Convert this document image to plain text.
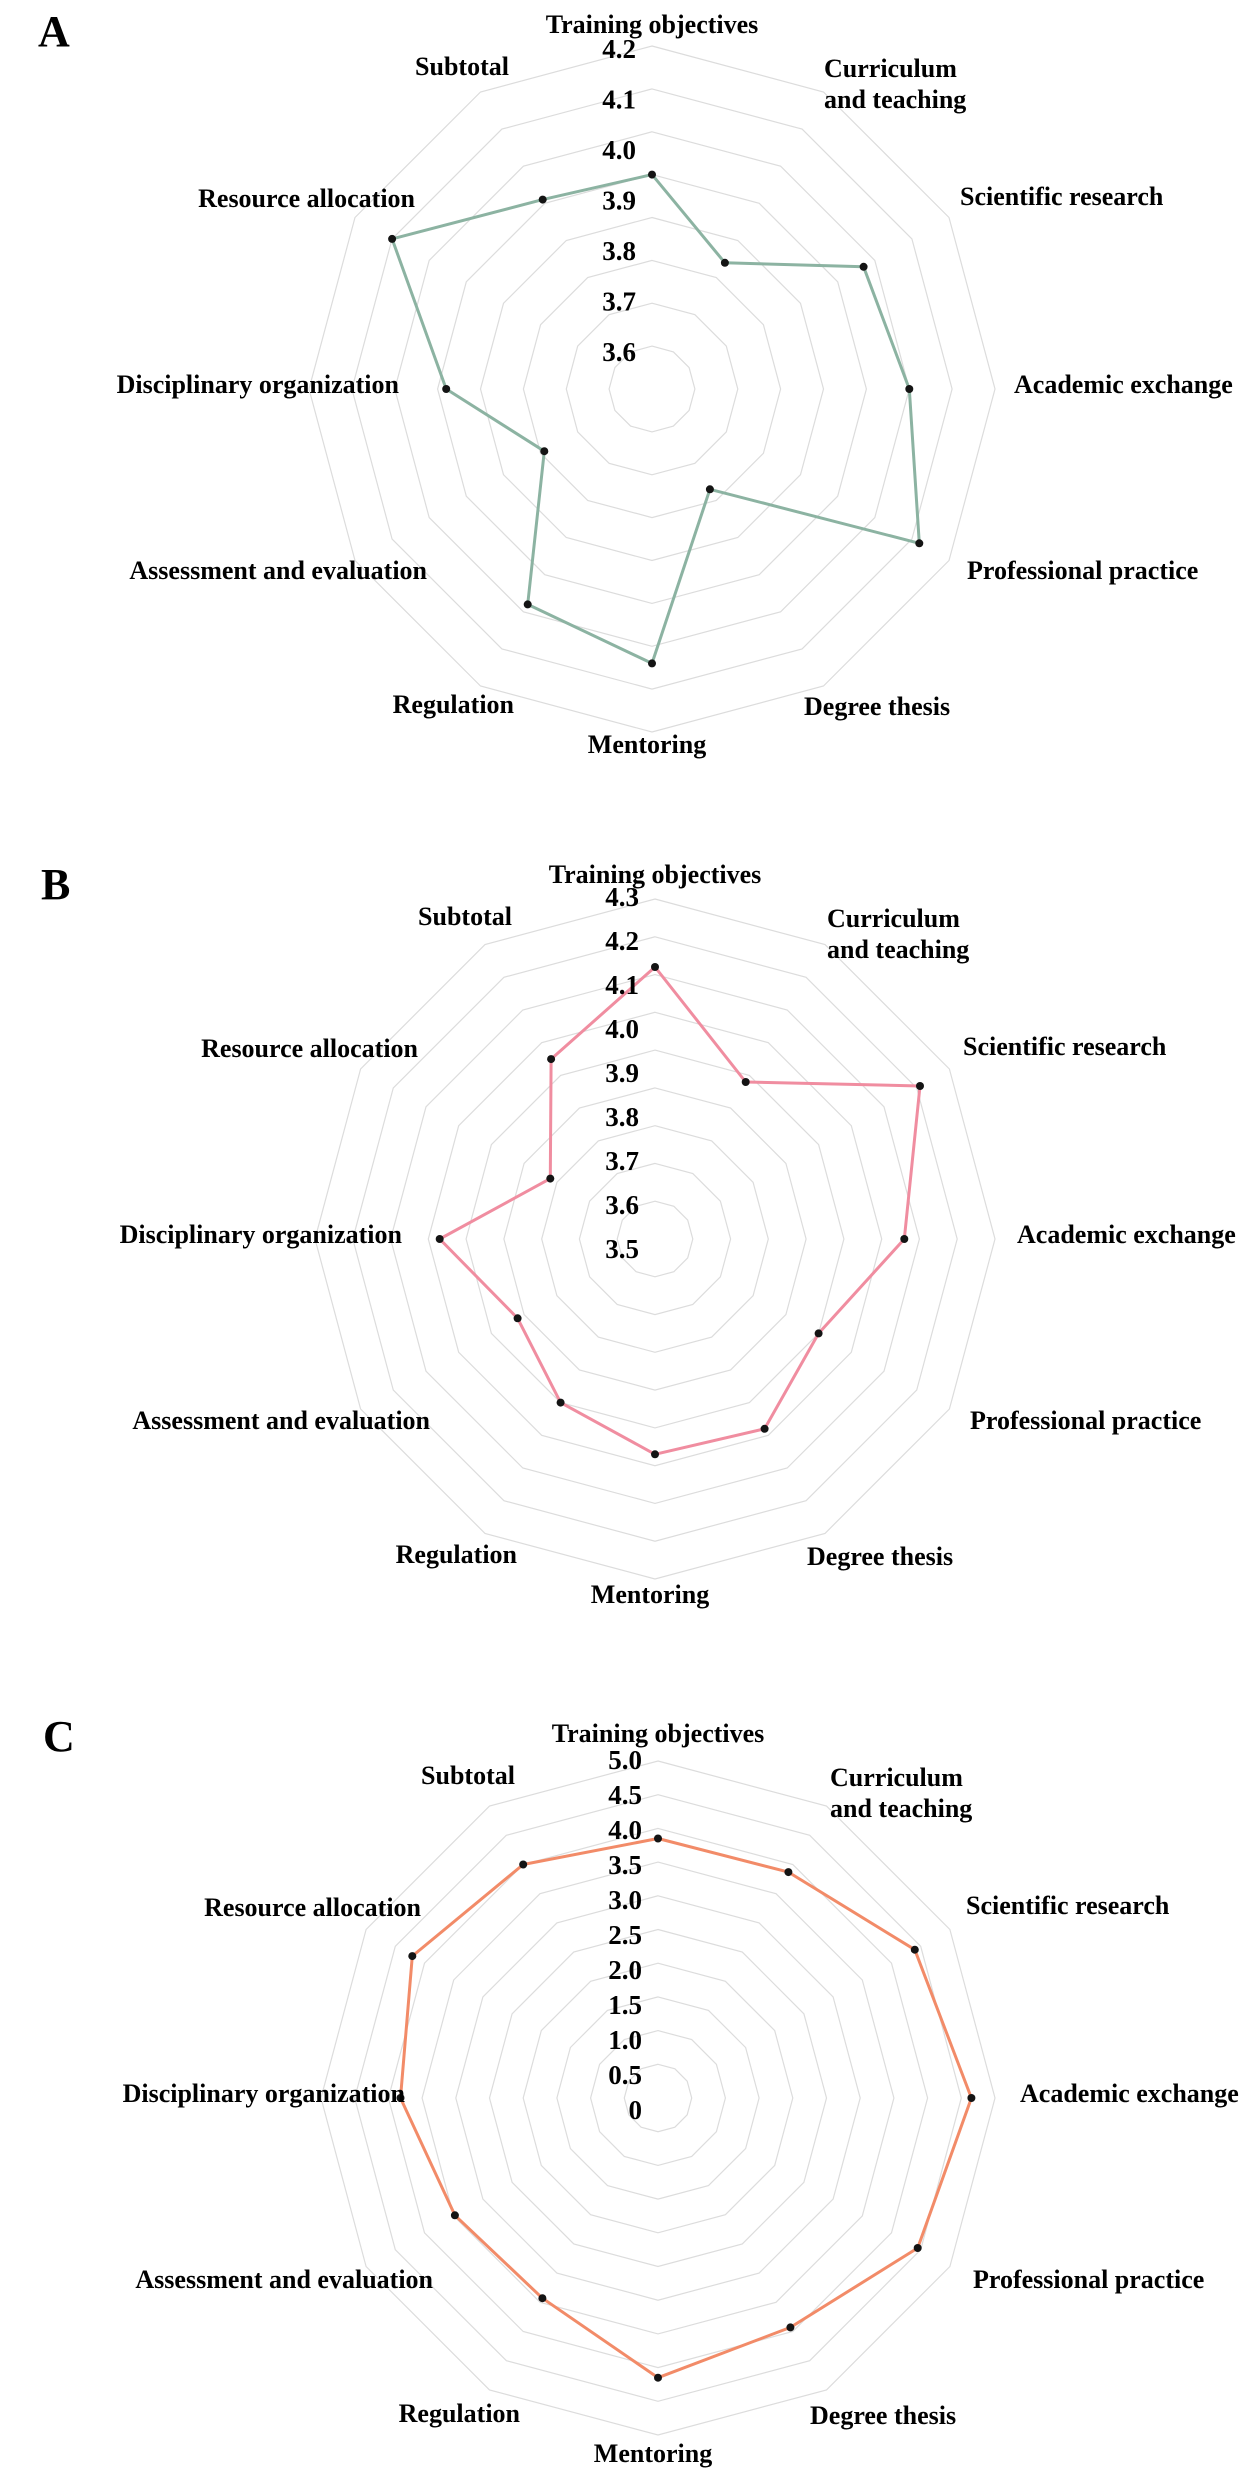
A
B
C
4.2
4.1
4.0
3.9
3.8
3.7
3.6
Training objectives
Curriculum and teaching
Scientific research
Academic exchange
Professional practice
Degree thesis
Mentoring
Regulation
Assessment and evaluation
Disciplinary organization
Resource allocation
Subtotal
4.3
4.2
4.1
4.0
3.9
3.8
3.7
3.6
3.5
Training objectives
Curriculum and teaching
Scientific research
Academic exchange
Professional practice
Degree thesis
Mentoring
Regulation
Assessment and evaluation
Disciplinary organization
Resource allocation
Subtotal
5.0
4.5
4.0
3.5
3.0
2.5
2.0
1.5
1.0
0.5
0
Training objectives
Curriculum and teaching
Scientific research
Academic exchange
Professional practice
Degree thesis
Mentoring
Regulation
Assessment and evaluation
Disciplinary organization
Resource allocation
Subtotal
